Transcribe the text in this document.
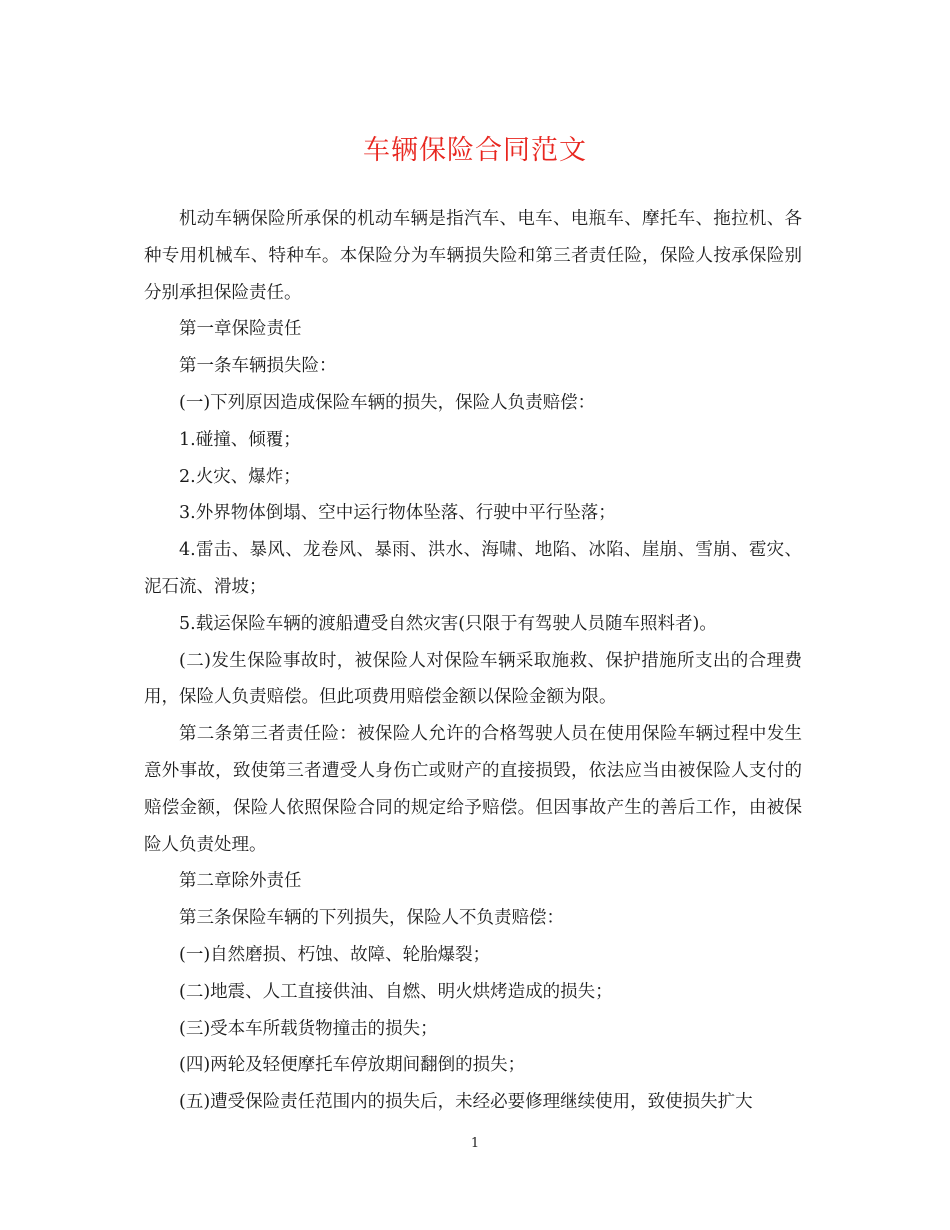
车辆保险合同范文

机动车辆保险所承保的机动车辆是指汽车、电车、电瓶车、摩托车、拖拉机、各种专用机械车、特种车。本保险分为车辆损失险和第三者责任险，保险人按承保险别分别承担保险责任。

第一章保险责任

第一条车辆损失险：

(一)下列原因造成保险车辆的损失，保险人负责赔偿：

1.碰撞、倾覆；

2.火灾、爆炸；

3.外界物体倒塌、空中运行物体坠落、行驶中平行坠落；

4.雷击、暴风、龙卷风、暴雨、洪水、海啸、地陷、冰陷、崖崩、雪崩、雹灾、泥石流、滑坡；

5.载运保险车辆的渡船遭受自然灾害(只限于有驾驶人员随车照料者)。

(二)发生保险事故时，被保险人对保险车辆采取施救、保护措施所支出的合理费用，保险人负责赔偿。但此项费用赔偿金额以保险金额为限。

第二条第三者责任险：被保险人允许的合格驾驶人员在使用保险车辆过程中发生意外事故，致使第三者遭受人身伤亡或财产的直接损毁，依法应当由被保险人支付的赔偿金额，保险人依照保险合同的规定给予赔偿。但因事故产生的善后工作，由被保险人负责处理。

第二章除外责任

第三条保险车辆的下列损失，保险人不负责赔偿：

(一)自然磨损、朽蚀、故障、轮胎爆裂；

(二)地震、人工直接供油、自燃、明火烘烤造成的损失；

(三)受本车所载货物撞击的损失；

(四)两轮及轻便摩托车停放期间翻倒的损失；

(五)遭受保险责任范围内的损失后，未经必要修理继续使用，致使损失扩大

1
